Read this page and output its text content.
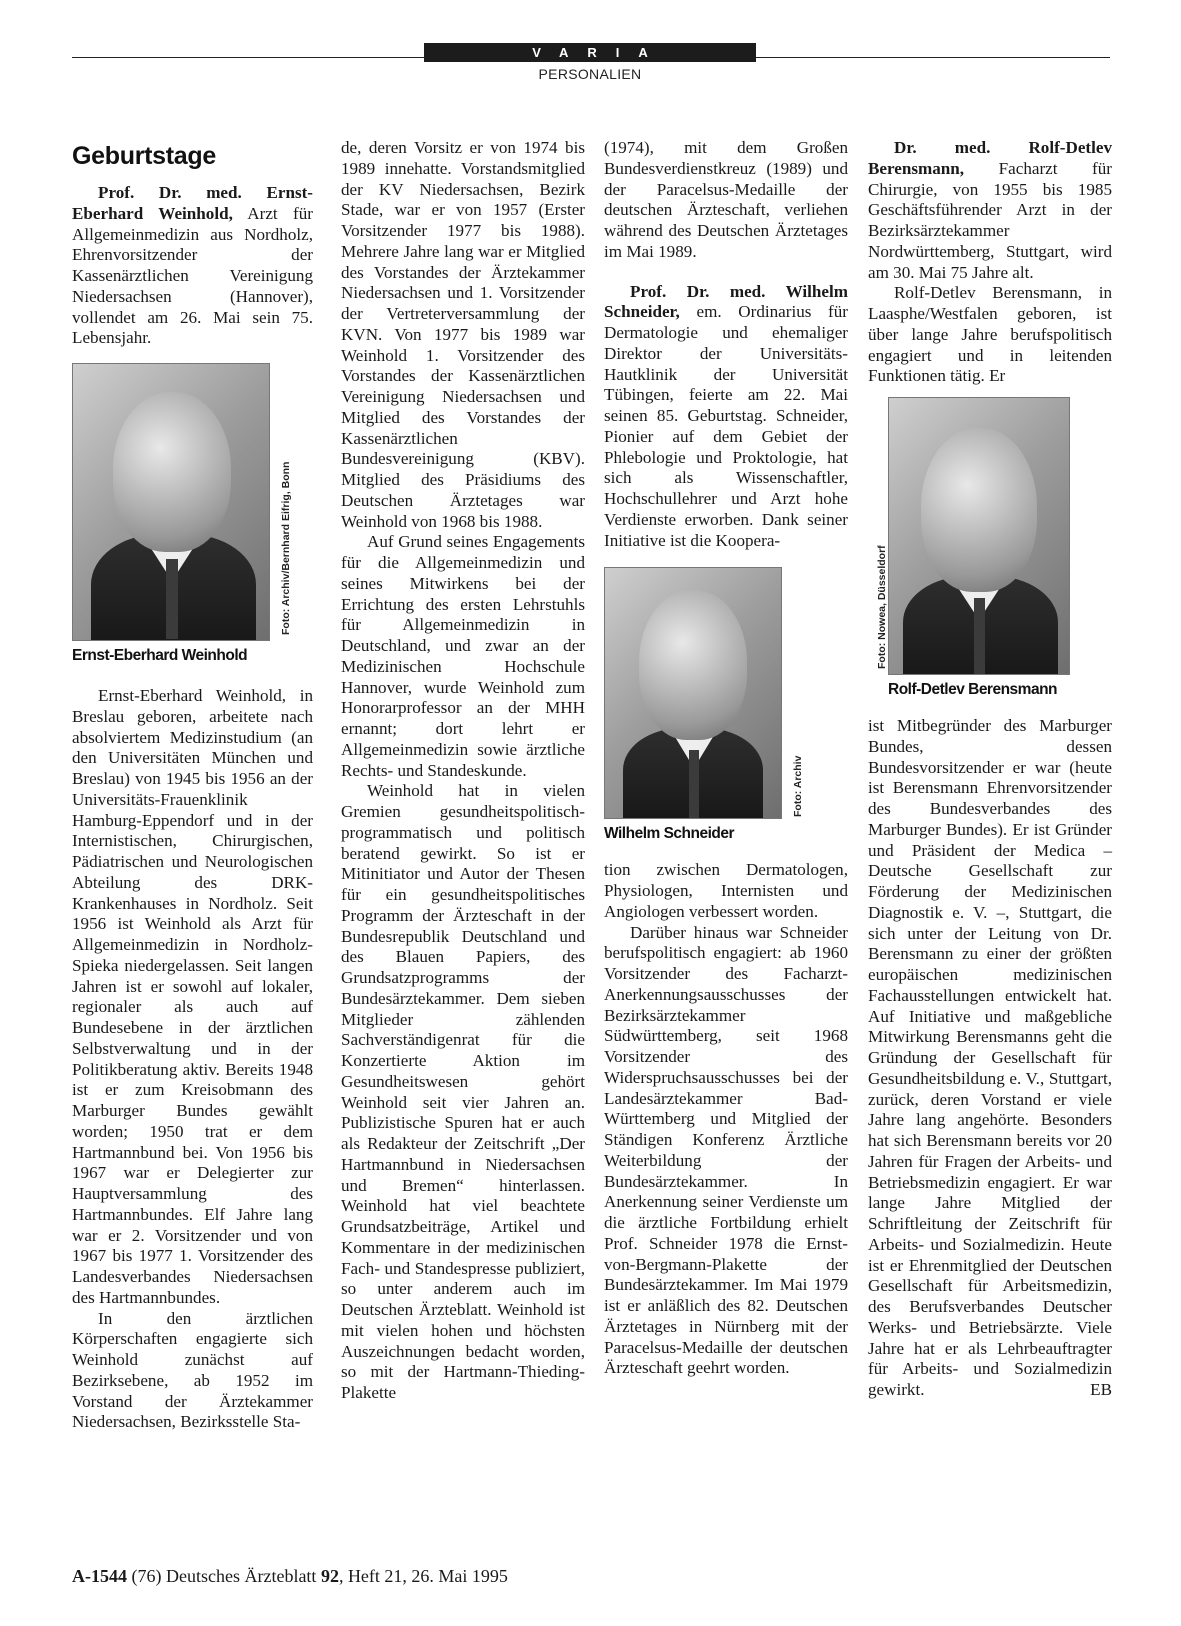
VARIA
PERSONALIEN
Geburtstage

Prof. Dr. med. Ernst-Eberhard Weinhold, Arzt für Allgemeinmedizin aus Nordholz, Ehrenvorsitzender der Kassenärztlichen Vereinigung Niedersachsen (Hannover), vollendet am 26. Mai sein 75. Lebensjahr.

Foto: Archiv/Bernhard Eifrig, Bonn
Ernst-Eberhard Weinhold

Ernst-Eberhard Weinhold, in Breslau geboren, arbeitete nach absolviertem Medizinstudium (an den Universitäten München und Breslau) von 1945 bis 1956 an der Universitäts-Frauenklinik Hamburg-Eppendorf und in der Internistischen, Chirurgischen, Pädiatrischen und Neurologischen Abteilung des DRK-Krankenhauses in Nordholz. Seit 1956 ist Weinhold als Arzt für Allgemeinmedizin in Nordholz-Spieka niedergelassen. Seit langen Jahren ist er sowohl auf lokaler, regionaler als auch auf Bundesebene in der ärztlichen Selbstverwaltung und in der Politikberatung aktiv. Bereits 1948 ist er zum Kreisobmann des Marburger Bundes gewählt worden; 1950 trat er dem Hartmannbund bei. Von 1956 bis 1967 war er Delegierter zur Hauptversammlung des Hartmannbundes. Elf Jahre lang war er 2. Vorsitzender und von 1967 bis 1977 1. Vorsitzender des Landesverbandes Niedersachsen des Hartmannbundes.

In den ärztlichen Körperschaften engagierte sich Weinhold zunächst auf Bezirksebene, ab 1952 im Vorstand der Ärztekammer Niedersachsen, Bezirksstelle Sta-

de, deren Vorsitz er von 1974 bis 1989 innehatte. Vorstandsmitglied der KV Niedersachsen, Bezirk Stade, war er von 1957 (Erster Vorsitzender 1977 bis 1988). Mehrere Jahre lang war er Mitglied des Vorstandes der Ärztekammer Niedersachsen und 1. Vorsitzender der Vertreterversammlung der KVN. Von 1977 bis 1989 war Weinhold 1. Vorsitzender des Vorstandes der Kassenärztlichen Vereinigung Niedersachsen und Mitglied des Vorstandes der Kassenärztlichen Bundesvereinigung (KBV). Mitglied des Präsidiums des Deutschen Ärztetages war Weinhold von 1968 bis 1988.

Auf Grund seines Engagements für die Allgemeinmedizin und seines Mitwirkens bei der Errichtung des ersten Lehrstuhls für Allgemeinmedizin in Deutschland, und zwar an der Medizinischen Hochschule Hannover, wurde Weinhold zum Honorarprofessor an der MHH ernannt; dort lehrt er Allgemeinmedizin sowie ärztliche Rechts- und Standeskunde.

Weinhold hat in vielen Gremien gesundheitspolitisch-programmatisch und politisch beratend gewirkt. So ist er Mitinitiator und Autor der Thesen für ein gesundheitspolitisches Programm der Ärzteschaft in der Bundesrepublik Deutschland und des Blauen Papiers, des Grundsatzprogramms der Bundesärztekammer. Dem sieben Mitglieder zählenden Sachverständigenrat für die Konzertierte Aktion im Gesundheitswesen gehört Weinhold seit vier Jahren an. Publizistische Spuren hat er auch als Redakteur der Zeitschrift „Der Hartmannbund in Niedersachsen und Bremen“ hinterlassen. Weinhold hat viel beachtete Grundsatzbeiträge, Artikel und Kommentare in der medizinischen Fach- und Standespresse publiziert, so unter anderem auch im Deutschen Ärzteblatt. Weinhold ist mit vielen hohen und höchsten Auszeichnungen bedacht worden, so mit der Hartmann-Thieding-Plakette

(1974), mit dem Großen Bundesverdienstkreuz (1989) und der Paracelsus-Medaille der deutschen Ärzteschaft, verliehen während des Deutschen Ärztetages im Mai 1989.

Prof. Dr. med. Wilhelm Schneider, em. Ordinarius für Dermatologie und ehemaliger Direktor der Universitäts-Hautklinik der Universität Tübingen, feierte am 22. Mai seinen 85. Geburtstag. Schneider, Pionier auf dem Gebiet der Phlebologie und Proktologie, hat sich als Wissenschaftler, Hochschullehrer und Arzt hohe Verdienste erworben. Dank seiner Initiative ist die Koopera-

Foto: Archiv
Wilhelm Schneider

tion zwischen Dermatologen, Physiologen, Internisten und Angiologen verbessert worden.

Darüber hinaus war Schneider berufspolitisch engagiert: ab 1960 Vorsitzender des Facharzt-Anerkennungsausschusses der Bezirksärztekammer Südwürttemberg, seit 1968 Vorsitzender des Widerspruchsausschusses bei der Landesärztekammer Bad-Württemberg und Mitglied der Ständigen Konferenz Ärztliche Weiterbildung der Bundesärztekammer. In Anerkennung seiner Verdienste um die ärztliche Fortbildung erhielt Prof. Schneider 1978 die Ernst-von-Bergmann-Plakette der Bundesärztekammer. Im Mai 1979 ist er anläßlich des 82. Deutschen Ärztetages in Nürnberg mit der Paracelsus-Medaille der deutschen Ärzteschaft geehrt worden.

Dr. med. Rolf-Detlev Berensmann, Facharzt für Chirurgie, von 1955 bis 1985 Geschäftsführender Arzt in der Bezirksärztekammer Nordwürttemberg, Stuttgart, wird am 30. Mai 75 Jahre alt.

Rolf-Detlev Berensmann, in Laasphe/Westfalen geboren, ist über lange Jahre berufspolitisch engagiert und in leitenden Funktionen tätig. Er

Foto: Nowea, Düsseldorf
Rolf-Detlev Berensmann

ist Mitbegründer des Marburger Bundes, dessen Bundesvorsitzender er war (heute ist Berensmann Ehrenvorsitzender des Bundesverbandes des Marburger Bundes). Er ist Gründer und Präsident der Medica – Deutsche Gesellschaft zur Förderung der Medizinischen Diagnostik e. V. –, Stuttgart, die sich unter der Leitung von Dr. Berensmann zu einer der größten europäischen medizinischen Fachausstellungen entwickelt hat. Auf Initiative und maßgebliche Mitwirkung Berensmanns geht die Gründung der Gesellschaft für Gesundheitsbildung e. V., Stuttgart, zurück, deren Vorstand er viele Jahre lang angehörte. Besonders hat sich Berensmann bereits vor 20 Jahren für Fragen der Arbeits- und Betriebsmedizin engagiert. Er war lange Jahre Mitglied der Schriftleitung der Zeitschrift für Arbeits- und Sozialmedizin. Heute ist er Ehrenmitglied der Deutschen Gesellschaft für Arbeitsmedizin, des Berufsverbandes Deutscher Werks- und Betriebsärzte. Viele Jahre hat er als Lehrbeauftragter für Arbeits- und Sozialmedizin gewirkt.	EB

A-1544 (76) Deutsches Ärzteblatt 92, Heft 21, 26. Mai 1995
